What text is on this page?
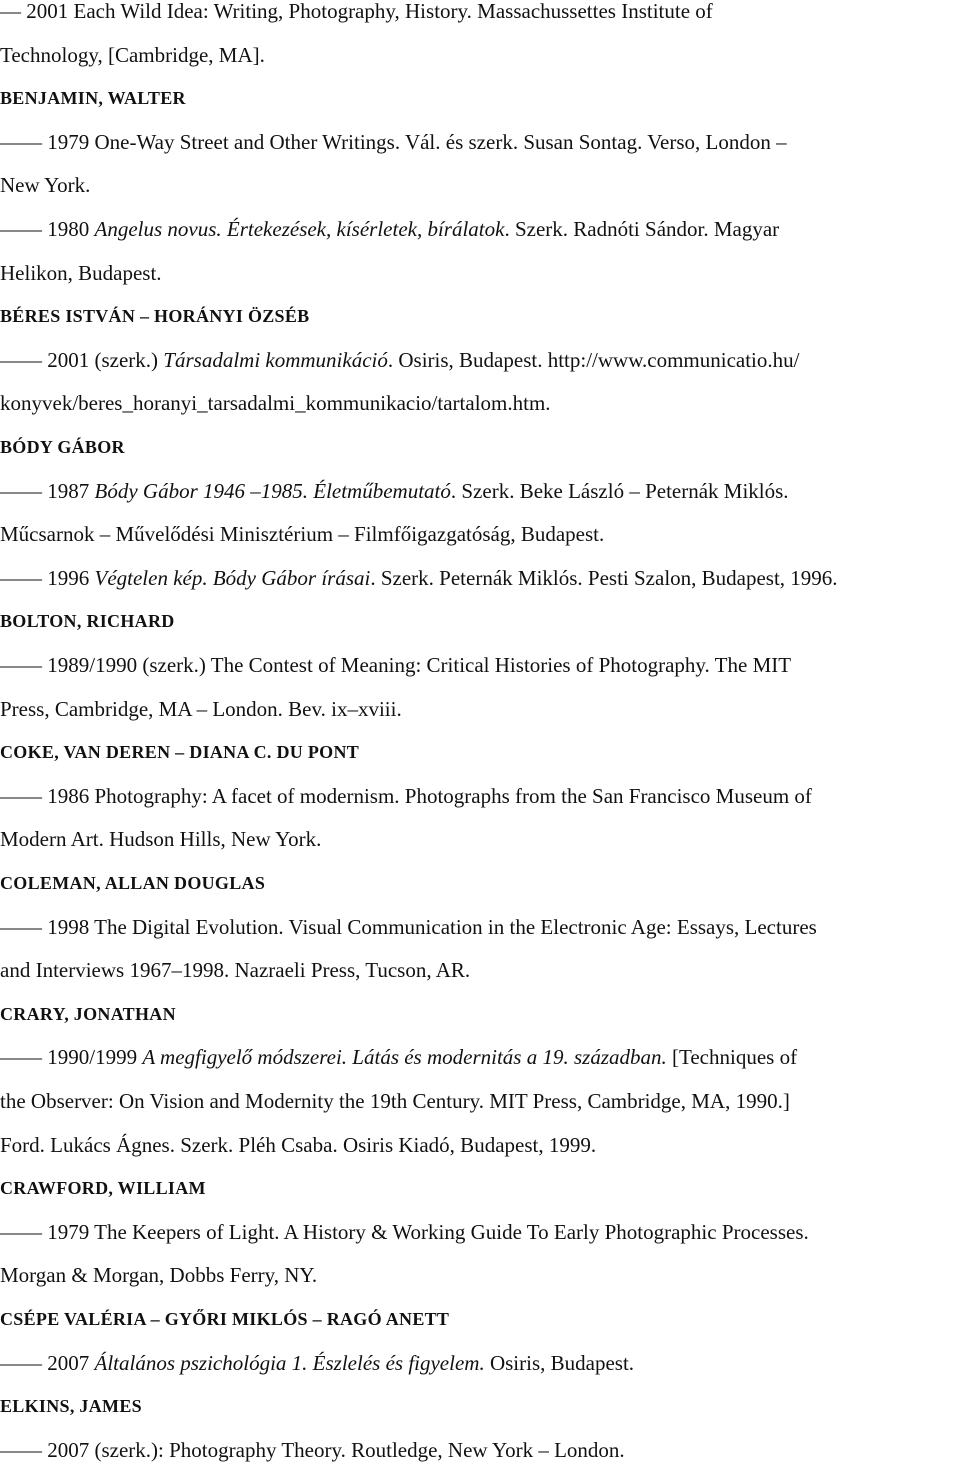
— 2001 Each Wild Idea: Writing, Photography, History. Massachussettes Institute of
Technology, [Cambridge, MA].
BENJAMIN, WALTER
—— 1979 One-Way Street and Other Writings. Vál. és szerk. Susan Sontag. Verso, London –
New York.
—— 1980 Angelus novus. Értekezések, kísérletek, bírálatok. Szerk. Radnóti Sándor. Magyar
Helikon, Budapest.
BÉRES ISTVÁN – HORÁNYI ÖZSÉB
—— 2001 (szerk.) Társadalmi kommunikáció. Osiris, Budapest. http://www.communicatio.hu/
konyvek/beres_horanyi_tarsadalmi_kommunikacio/tartalom.htm.
BÓDY GÁBOR
—— 1987 Bódy Gábor 1946 –1985. Életműbemutató. Szerk. Beke László – Peternák Miklós.
Műcsarnok – Művelődési Minisztérium – Filmfőigazgatóság, Budapest.
—— 1996 Végtelen kép. Bódy Gábor írásai. Szerk. Peternák Miklós. Pesti Szalon, Budapest, 1996.
BOLTON, RICHARD
—— 1989/1990 (szerk.) The Contest of Meaning: Critical Histories of Photography. The MIT
Press, Cambridge, MA – London. Bev. ix–xviii.
COKE, VAN DEREN – DIANA C. DU PONT
—— 1986 Photography: A facet of modernism. Photographs from the San Francisco Museum of
Modern Art. Hudson Hills, New York.
COLEMAN, ALLAN DOUGLAS
—— 1998 The Digital Evolution. Visual Communication in the Electronic Age: Essays, Lectures
and Interviews 1967–1998. Nazraeli Press, Tucson, AR.
CRARY, JONATHAN
—— 1990/1999 A megfigyelő módszerei. Látás és modernitás a 19. században. [Techniques of
the Observer: On Vision and Modernity the 19th Century. MIT Press, Cambridge, MA, 1990.]
Ford. Lukács Ágnes. Szerk. Pléh Csaba. Osiris Kiadó, Budapest, 1999.
CRAWFORD, WILLIAM
—— 1979 The Keepers of Light. A History & Working Guide To Early Photographic Processes.
Morgan & Morgan, Dobbs Ferry, NY.
CSÉPE VALÉRIA – GYŐRI MIKLÓS – RAGÓ ANETT
—— 2007 Általános pszichológia 1. Észlelés és figyelem. Osiris, Budapest.
ELKINS, JAMES
—— 2007 (szerk.): Photography Theory. Routledge, New York – London.
